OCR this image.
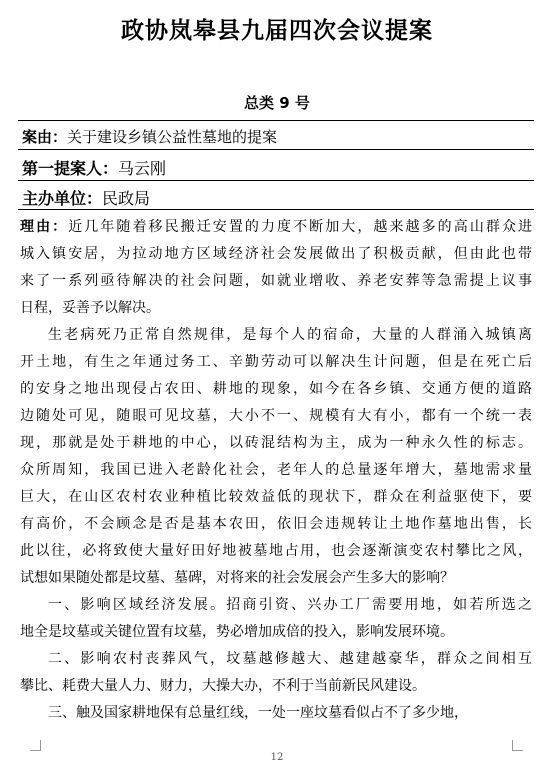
政协岚皋县九届四次会议提案
总类 9 号
案由：关于建设乡镇公益性墓地的提案
第一提案人：马云刚
主办单位：民政局

理由：近几年随着移民搬迁安置的力度不断加大，越来越多的高山群众进

城入镇安居，为拉动地方区域经济社会发展做出了积极贡献，但由此也带

来了一系列亟待解决的社会问题，如就业增收、养老安葬等急需提上议事

日程，妥善予以解决。

生老病死乃正常自然规律，是每个人的宿命，大量的人群涌入城镇离

开土地，有生之年通过务工、辛勤劳动可以解决生计问题，但是在死亡后

的安身之地出现侵占农田、耕地的现象，如今在各乡镇、交通方便的道路

边随处可见，随眼可见坟墓，大小不一、规模有大有小，都有一个统一表

现，那就是处于耕地的中心，以砖混结构为主，成为一种永久性的标志。

众所周知，我国已进入老龄化社会，老年人的总量逐年增大，墓地需求量

巨大，在山区农村农业种植比较效益低的现状下，群众在利益驱使下，要

有高价，不会顾念是否是基本农田，依旧会违规转让土地作墓地出售，长

此以往，必将致使大量好田好地被墓地占用，也会逐渐演变农村攀比之风，

试想如果随处都是坟墓、墓碑，对将来的社会发展会产生多大的影响？

一、影响区域经济发展。招商引资、兴办工厂需要用地，如若所选之

地全是坟墓或关键位置有坟墓，势必增加成倍的投入，影响发展环境。

二、影响农村丧葬风气，坟墓越修越大、越建越豪华，群众之间相互

攀比、耗费大量人力、财力，大操大办，不利于当前新民风建设。

三、触及国家耕地保有总量红线，一处一座坟墓看似占不了多少地，

12
